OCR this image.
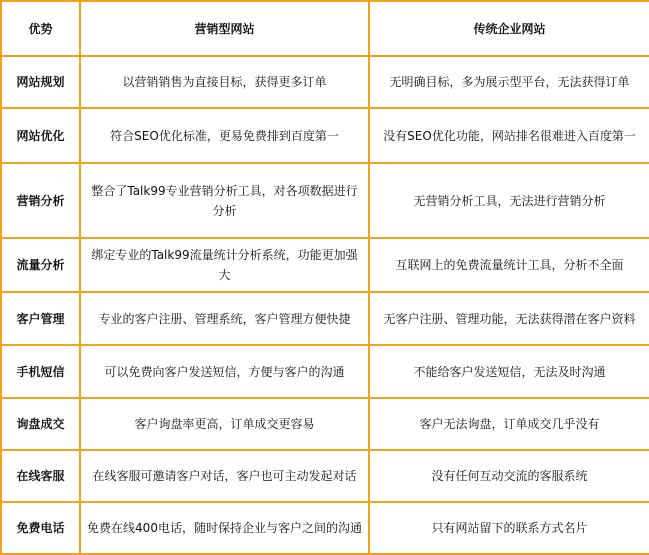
优势	营销型网站	传统企业网站
网站规划	以营销销售为直接目标，获得更多订单	无明确目标，多为展示型平台，无法获得订单
网站优化	符合SEO优化标准，更易免费排到百度第一	没有SEO优化功能，网站排名很难进入百度第一
营销分析	整合了Talk99专业营销分析工具，对各项数据进行分析	无营销分析工具，无法进行营销分析
流量分析	绑定专业的Talk99流量统计分析系统，功能更加强大	互联网上的免费流量统计工具，分析不全面
客户管理	专业的客户注册、管理系统，客户管理方便快捷	无客户注册、管理功能，无法获得潜在客户资料
手机短信	可以免费向客户发送短信，方便与客户的沟通	不能给客户发送短信，无法及时沟通
询盘成交	客户询盘率更高，订单成交更容易	客户无法询盘，订单成交几乎没有
在线客服	在线客服可邀请客户对话，客户也可主动发起对话	没有任何互动交流的客服系统
免费电话	免费在线400电话，随时保持企业与客户之间的沟通	只有网站留下的联系方式名片
